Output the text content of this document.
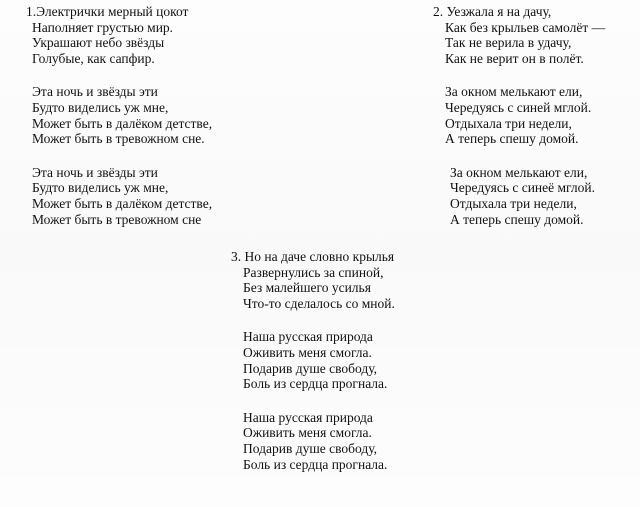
1.Электрички мерный цокот
Наполняет грустью мир.
Украшают небо звёзды
Голубые, как сапфир.
Эта ночь и звёзды эти
Будто виделись уж мне,
Может быть в далёком детстве,
Может быть в тревожном сне.
Эта ночь и звёзды эти
Будто виделись уж мне,
Может быть в далёком детстве,
Может быть в тревожном сне
2. Уезжала я на дачу,
Как без крыльев самолёт —
Так не верила в удачу,
Как не верит он в полёт.
За окном мелькают ели,
Чередуясь с синей мглой.
Отдыхала три недели,
А теперь спешу домой.
За окном мелькают ели,
Чередуясь с синеё мглой.
Отдыхала три недели,
А теперь спешу домой.
3. Но на даче словно крылья
Развернулись за спиной,
Без малейшего усилья
Что-то сделалось со мной.
Наша русская природа
Оживить меня смогла.
Подарив душе свободу,
Боль из сердца прогнала.
Наша русская природа
Оживить меня смогла.
Подарив душе свободу,
Боль из сердца прогнала.
